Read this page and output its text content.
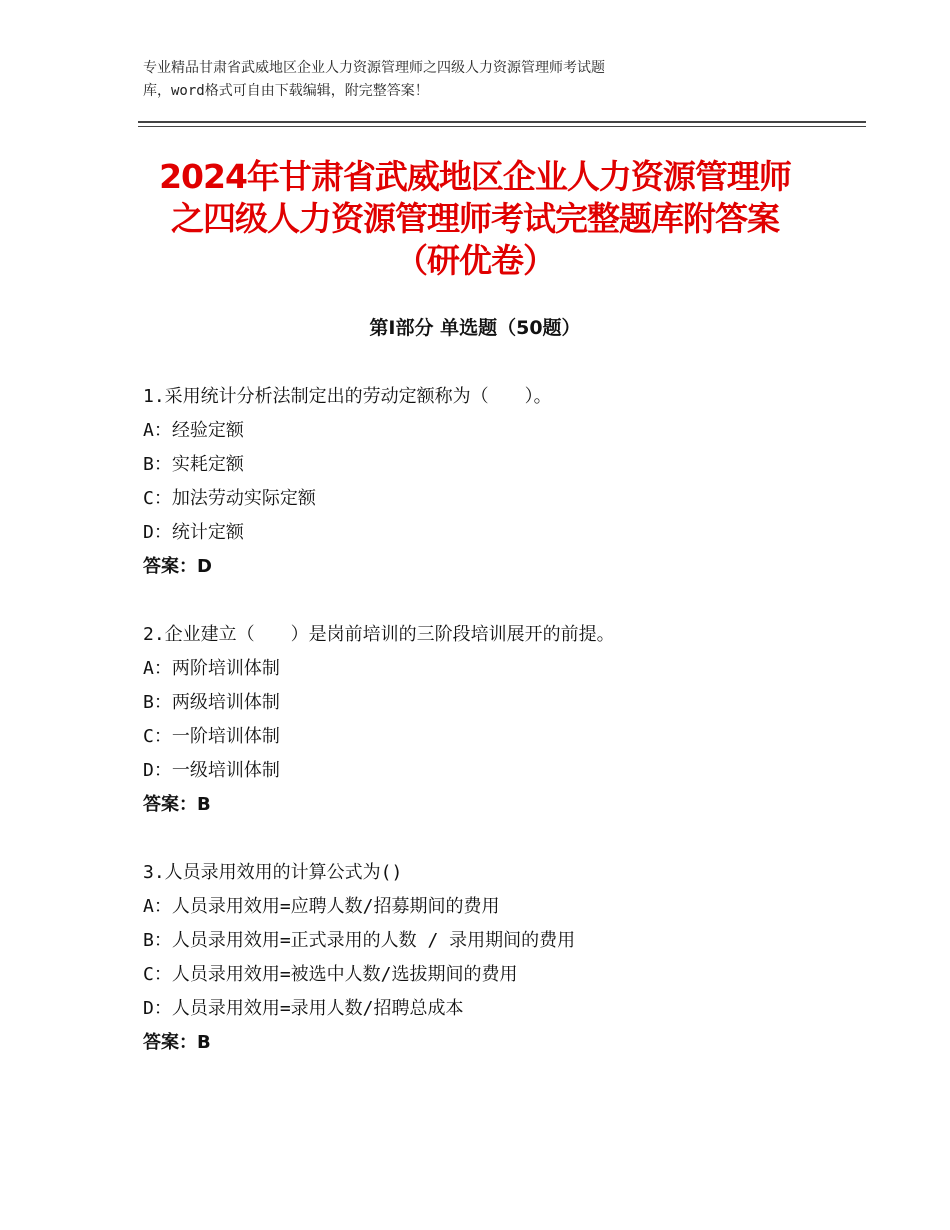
专业精品甘肃省武威地区企业人力资源管理师之四级人力资源管理师考试题
库，word格式可自由下载编辑，附完整答案！
2024年甘肃省武威地区企业人力资源管理师
之四级人力资源管理师考试完整题库附答案
（研优卷）
第Ⅰ部分 单选题（50题）
1.采用统计分析法制定出的劳动定额称为（　　）。
A：经验定额
B：实耗定额
C：加法劳动实际定额
D：统计定额
答案：D
2.企业建立（　　）是岗前培训的三阶段培训展开的前提。
A：两阶培训体制
B：两级培训体制
C：一阶培训体制
D：一级培训体制
答案：B
3.人员录用效用的计算公式为()
A：人员录用效用=应聘人数/招募期间的费用
B：人员录用效用=正式录用的人数 / 录用期间的费用
C：人员录用效用=被选中人数/选拔期间的费用
D：人员录用效用=录用人数/招聘总成本
答案：B
